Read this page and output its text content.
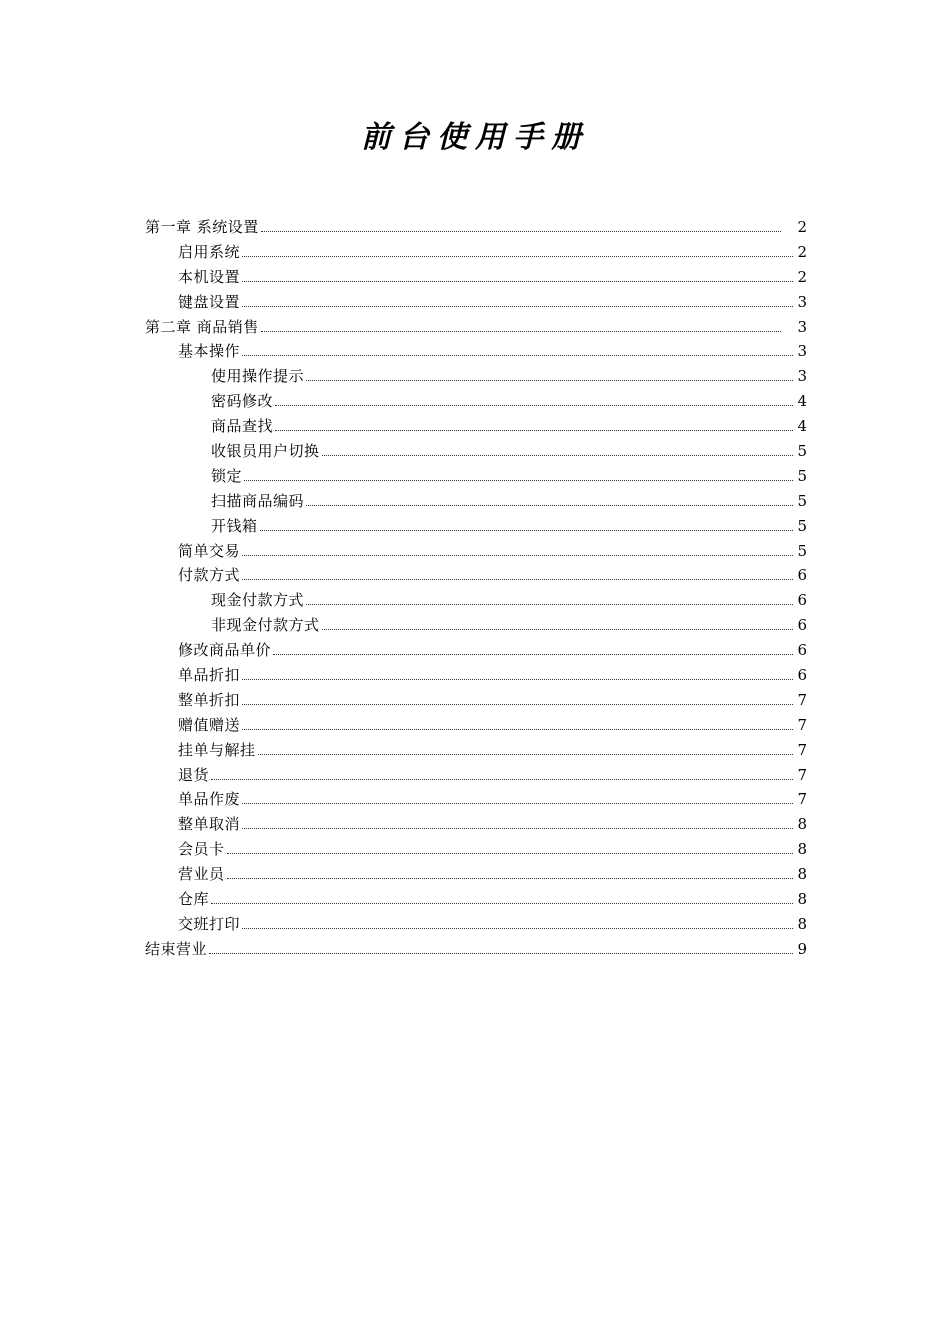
前台使用手册
第一章 系统设置	2
启用系统	2
本机设置	2
键盘设置	3
第二章 商品销售	3
基本操作	3
使用操作提示	3
密码修改	4
商品查找	4
收银员用户切换	5
锁定	5
扫描商品编码	5
开钱箱	5
简单交易	5
付款方式	6
现金付款方式	6
非现金付款方式	6
修改商品单价	6
单品折扣	6
整单折扣	7
赠值赠送	7
挂单与解挂	7
退货	7
单品作废	7
整单取消	8
会员卡	8
营业员	8
仓库	8
交班打印	8
结束营业	9
